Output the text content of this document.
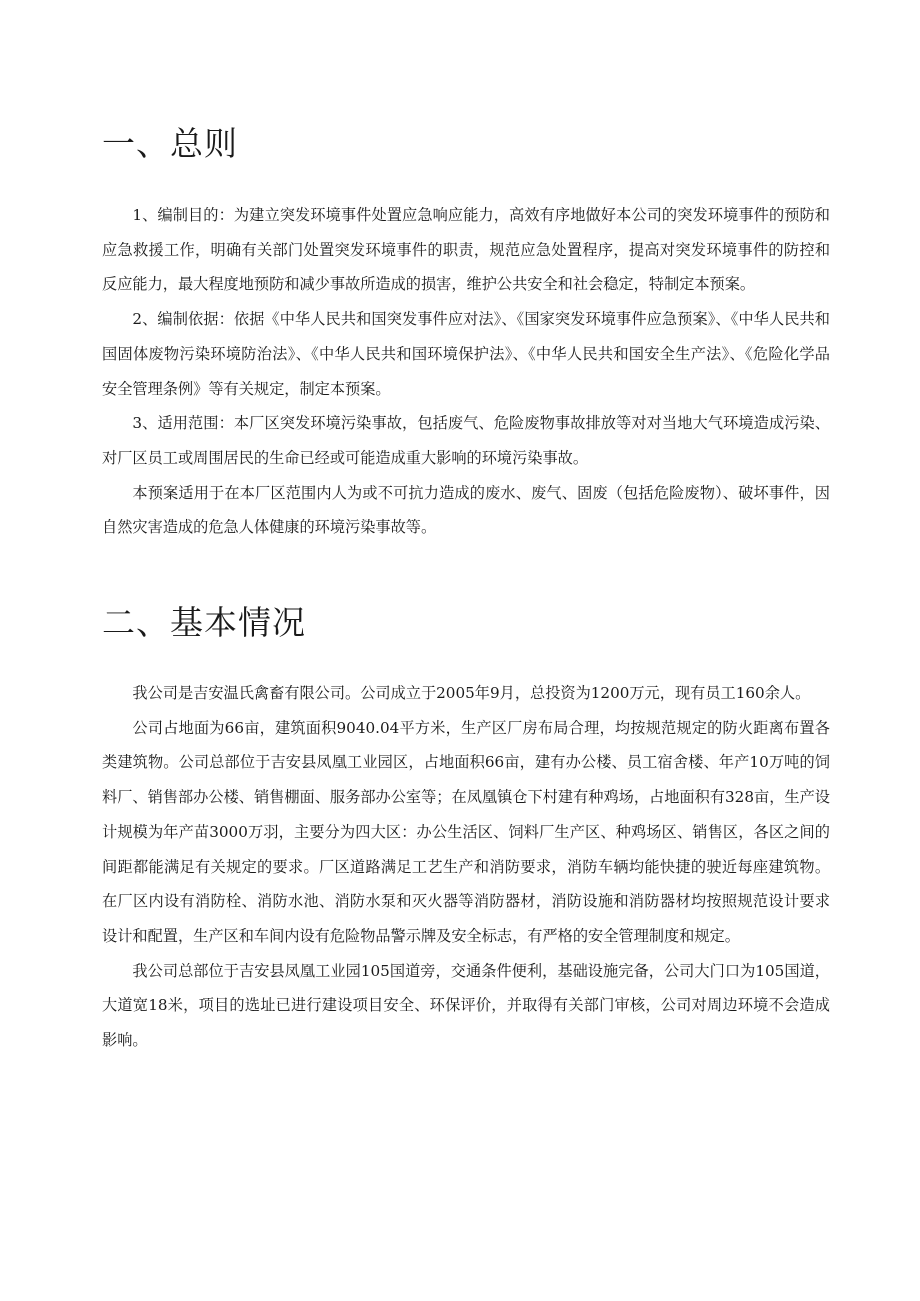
一、总则

1、编制目的：为建立突发环境事件处置应急响应能力，高效有序地做好本公司的突发环境事件的预防和应急救援工作，明确有关部门处置突发环境事件的职责，规范应急处置程序，提高对突发环境事件的防控和反应能力，最大程度地预防和减少事故所造成的损害，维护公共安全和社会稳定，特制定本预案。

2、编制依据：依据《中华人民共和国突发事件应对法》、《国家突发环境事件应急预案》、《中华人民共和国固体废物污染环境防治法》、《中华人民共和国环境保护法》、《中华人民共和国安全生产法》、《危险化学品安全管理条例》等有关规定，制定本预案。

3、适用范围：本厂区突发环境污染事故，包括废气、危险废物事故排放等对对当地大气环境造成污染、对厂区员工或周围居民的生命已经或可能造成重大影响的环境污染事故。

本预案适用于在本厂区范围内人为或不可抗力造成的废水、废气、固废（包括危险废物）、破坏事件，因自然灾害造成的危急人体健康的环境污染事故等。

二、基本情况

我公司是吉安温氏禽畜有限公司。公司成立于2005年9月，总投资为1200万元，现有员工160余人。

公司占地面为66亩，建筑面积9040.04平方米，生产区厂房布局合理，均按规范规定的防火距离布置各类建筑物。公司总部位于吉安县凤凰工业园区，占地面积66亩，建有办公楼、员工宿舍楼、年产10万吨的饲料厂、销售部办公楼、销售棚面、服务部办公室等；在凤凰镇仓下村建有种鸡场，占地面积有328亩，生产设计规模为年产苗3000万羽，主要分为四大区：办公生活区、饲料厂生产区、种鸡场区、销售区，各区之间的间距都能满足有关规定的要求。厂区道路满足工艺生产和消防要求，消防车辆均能快捷的驶近每座建筑物。在厂区内设有消防栓、消防水池、消防水泵和灭火器等消防器材，消防设施和消防器材均按照规范设计要求设计和配置，生产区和车间内设有危险物品警示牌及安全标志，有严格的安全管理制度和规定。

我公司总部位于吉安县凤凰工业园105国道旁，交通条件便利，基础设施完备，公司大门口为105国道，大道宽18米，项目的选址已进行建设项目安全、环保评价，并取得有关部门审核，公司对周边环境不会造成影响。
